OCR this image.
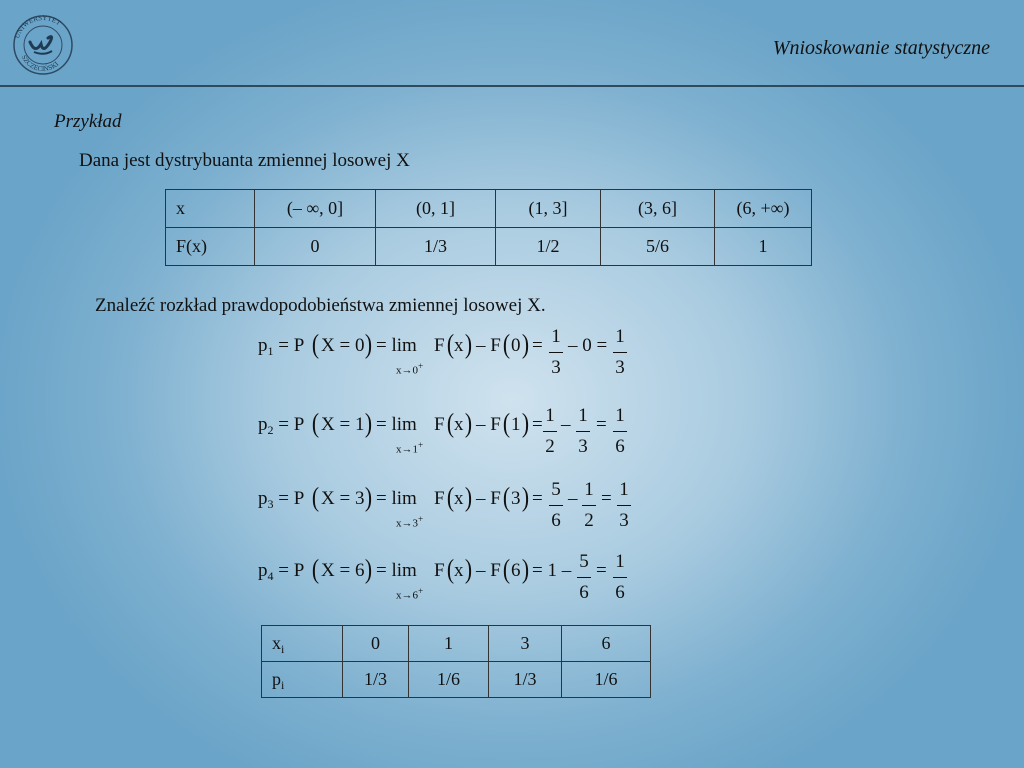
UNIWERSYTET
SZCZECIŃSKI
Wnioskowanie statystyczne
Przykład
Dana jest dystrybuanta zmiennej losowej X
x	(– ∞, 0]	(0, 1]	(1, 3]	(3, 6]	(6, +∞)
F(x)	0	1/3	1/2	5/6	1
Znaleźć rozkład prawdopodobieństwa zmiennej losowej X.
$p_1 = P$ ( X = 0 ) = lim
x→0+
F ( x ) – F ( 0 ) = 1
3
– 0 = 1
3
$p_2 = P$ ( X = 1 ) = lim
x→1+
F ( x ) – F ( 1 ) = 1
2
– 1
3
= 1
6
$p_3 = P$ ( X = 3 ) = lim
x→3+
F ( x ) – F ( 3 ) = 5
6
– 1
2
= 1
3
$p_4 = P$ ( X = 6 ) = lim
x→6+
F ( x ) – F ( 6 ) = 1 – 5
6
= 1
6
$x_i$	0	1	3	6
$p_i$	1/3	1/6	1/3	1/6
